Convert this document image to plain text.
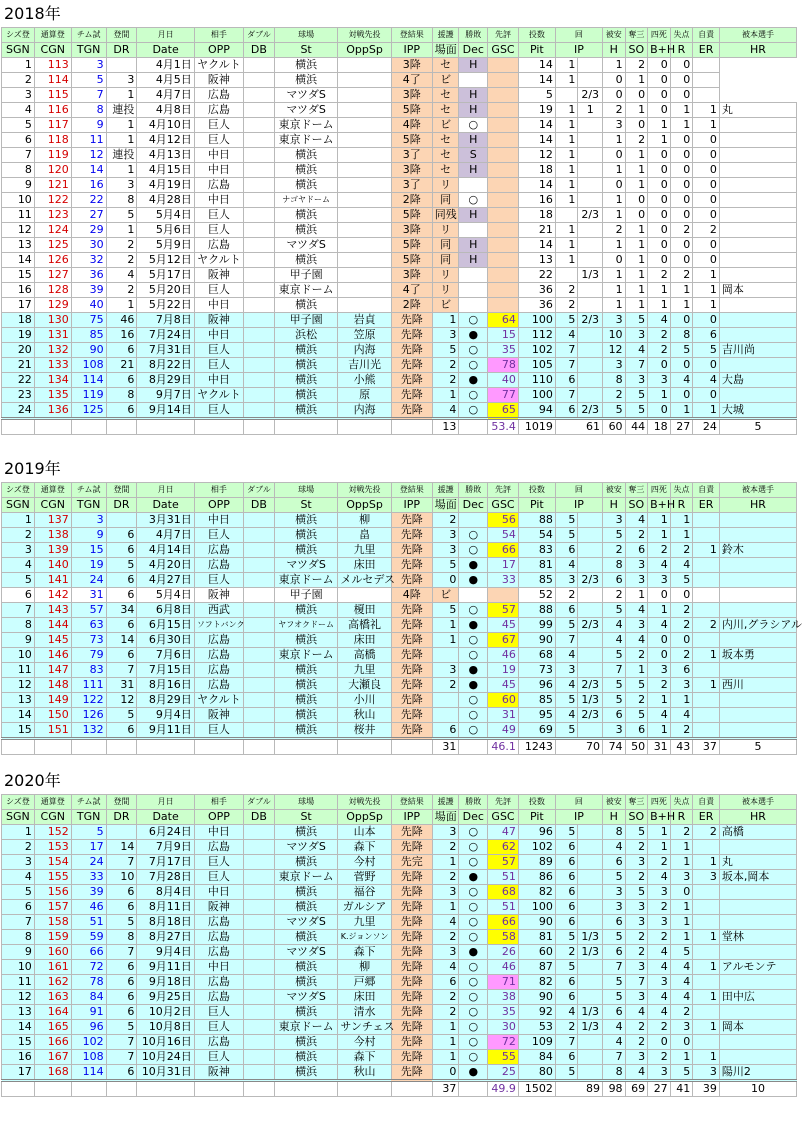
2018年
シズ登	通算登	チム試	登間	月日	相手	ダブル	球場	対戦先投	登結果	援護	勝敗	先評	投数	回		被安	奪三	四死	失点	自責	被本選手
SGN	CGN	TGN	DR	Date	OPP	DB	St	OppSp	IPP	場面	Dec	GSC	Pit	IP		H	SO	B+H	R	ER	HR
1	113	3		4月1日	ヤクルト		横浜		3降	セ	H		14	1		1	2	0	0		
2	114	5	3	4月5日	阪神		横浜		4了	ビ			14	1		0	1	0	0		
3	115	7	1	4月7日	広島		マツダS		3降	セ	H		5		2/3	0	0	0	0		
4	116	8	連投	4月8日	広島		マツダS		5降	セ	H		19	1	1	2	1	0	1	1	丸
5	117	9	1	4月10日	巨人		東京ドーム		4降	ビ	○		14	1		3	0	1	1	1	
6	118	11	1	4月12日	巨人		東京ドーム		5降	セ	H		14	1		1	2	1	0	0	
7	119	12	連投	4月13日	中日		横浜		3了	セ	S		12	1		0	1	0	0	0	
8	120	14	1	4月15日	中日		横浜		3降	セ	H		18	1		1	1	0	0	0	
9	121	16	3	4月19日	広島		横浜		3了	リ			14	1		0	1	0	0	0	
10	122	22	8	4月28日	中日		ナゴヤドーム		2降	同	○		16	1		1	0	0	0	0	
11	123	27	5	5月4日	巨人		横浜		5降	同残	H		18		2/3	1	0	0	0	0	
12	124	29	1	5月6日	巨人		横浜		3降	リ			21	1		2	1	0	2	2	
13	125	30	2	5月9日	広島		マツダS		5降	同	H		14	1		1	1	0	0	0	
14	126	32	2	5月12日	ヤクルト		横浜		5降	同	H		13	1		0	1	0	0	0	
15	127	36	4	5月17日	阪神		甲子園		3降	リ			22		1/3	1	1	2	2	1	
16	128	39	2	5月20日	巨人		東京ドーム		4了	リ			36	2		1	1	1	1	1	岡本
17	129	40	1	5月22日	中日		横浜		2降	ビ			36	2		1	1	1	1	1	
18	130	75	46	7月8日	阪神		甲子園	岩貞	先降	1	○	64	100	5	2/3	3	5	4	0	0	
19	131	85	16	7月24日	中日		浜松	笠原	先降	3	●	15	112	4		10	3	2	8	6	
20	132	90	6	7月31日	巨人		横浜	内海	先降	5	○	35	102	7		12	4	2	5	5	吉川尚
21	133	108	21	8月22日	巨人		横浜	吉川光	先降	2	○	78	105	7		3	7	0	0	0	
22	134	114	6	8月29日	中日		横浜	小熊	先降	2	●	40	110	6		8	3	3	4	4	大島
23	135	119	8	9月7日	ヤクルト		横浜	原	先降	1	○	77	100	7		2	5	1	0	0	
24	136	125	6	9月14日	巨人		横浜	内海	先降	4	○	65	94	6	2/3	5	5	0	1	1	大城
										13		53.4	1019	61		60	44	18	27	24	5
2019年
シズ登	通算登	チム試	登間	月日	相手	ダブル	球場	対戦先投	登結果	援護	勝敗	先評	投数	回		被安	奪三	四死	失点	自責	被本選手
SGN	CGN	TGN	DR	Date	OPP	DB	St	OppSp	IPP	場面	Dec	GSC	Pit	IP		H	SO	B+H	R	ER	HR
1	137	3		3月31日	中日		横浜	柳	先降	2		56	88	5		3	4	1	1		
2	138	9	6	4月7日	巨人		横浜	畠	先降	3	○	54	54	5		5	2	1	1		
3	139	15	6	4月14日	広島		横浜	九里	先降	3	○	66	83	6		2	6	2	2	1	鈴木
4	140	19	5	4月20日	広島		マツダS	床田	先降	5	●	17	81	4		8	3	4	4		
5	141	24	6	4月27日	巨人		東京ドーム	メルセデス	先降	0	●	33	85	3	2/3	6	3	3	5		
6	142	31	6	5月4日	阪神		甲子園		4降	ビ			52	2		2	1	0	0		
7	143	57	34	6月8日	西武		横浜	榎田	先降	5	○	57	88	6		5	4	1	2		
8	144	63	6	6月15日	ソフトバンク		ヤフオクドーム	高橋礼	先降	1	●	45	99	5	2/3	4	3	4	2	2	内川,グラシアル
9	145	73	14	6月30日	広島		横浜	床田	先降	1	○	67	90	7		4	4	0	0		
10	146	79	6	7月6日	広島		東京ドーム	高橋	先降		○	46	68	4		5	2	0	2	1	坂本勇
11	147	83	7	7月15日	広島		横浜	九里	先降	3	●	19	73	3		7	1	3	6		
12	148	111	31	8月16日	広島		横浜	大瀬良	先降	2	●	45	96	4	2/3	5	5	2	3	1	西川
13	149	122	12	8月29日	ヤクルト		横浜	小川	先降		○	60	85	5	1/3	5	2	1	1		
14	150	126	5	9月4日	阪神		横浜	秋山	先降		○	31	95	4	2/3	6	5	4	4		
15	151	132	6	9月11日	巨人		横浜	桜井	先降	6	○	49	69	5		3	6	1	2		
										31		46.1	1243	70		74	50	31	43	37	5
2020年
シズ登	通算登	チム試	登間	月日	相手	ダブル	球場	対戦先投	登結果	援護	勝敗	先評	投数	回		被安	奪三	四死	失点	自責	被本選手
SGN	CGN	TGN	DR	Date	OPP	DB	St	OppSp	IPP	場面	Dec	GSC	Pit	IP		H	SO	B+H	R	ER	HR
1	152	5		6月24日	中日		横浜	山本	先降	3	○	47	96	5		8	5	1	2	2	高橋
2	153	17	14	7月9日	広島		マツダS	森下	先降	2	○	62	102	6		4	2	1	1		
3	154	24	7	7月17日	巨人		横浜	今村	先完	1	○	57	89	6		6	3	2	1	1	丸
4	155	33	10	7月28日	巨人		東京ドーム	菅野	先降	2	●	51	86	6		5	2	4	3	3	坂本,岡本
5	156	39	6	8月4日	中日		横浜	福谷	先降	3	○	68	82	6		3	5	3	0		
6	157	46	6	8月11日	阪神		横浜	ガルシア	先降	1	○	51	100	6		3	3	2	1		
7	158	51	5	8月18日	広島		マツダS	九里	先降	4	○	66	90	6		6	3	3	1		
8	159	59	8	8月27日	広島		横浜	K.ジョンソン	先降	2	○	58	81	5	1/3	5	2	2	1	1	堂林
9	160	66	7	9月4日	広島		マツダS	森下	先降	3	●	26	60	2	1/3	6	2	4	5		
10	161	72	6	9月11日	中日		横浜	柳	先降	4	○	46	87	5		7	3	4	4	1	アルモンテ
11	162	78	6	9月18日	広島		横浜	戸郷	先降	6	○	71	82	6		5	7	3	4		
12	163	84	6	9月25日	広島		マツダS	床田	先降	2	○	38	90	6		5	3	4	4	1	田中広
13	164	91	6	10月2日	巨人		横浜	清水	先降	2	○	35	92	4	1/3	6	4	4	2		
14	165	96	5	10月8日	巨人		東京ドーム	サンチェス	先降	1	○	30	53	2	1/3	4	2	2	3	1	岡本
15	166	102	7	10月16日	広島		横浜	今村	先降	1	○	72	109	7		4	2	0	0		
16	167	108	7	10月24日	巨人		横浜	森下	先降	1	○	55	84	6		7	3	2	1	1	
17	168	114	6	10月31日	阪神		横浜	秋山	先降	0	●	25	80	5		8	4	3	5	3	陽川2
										37		49.9	1502	89		98	69	27	41	39	10
